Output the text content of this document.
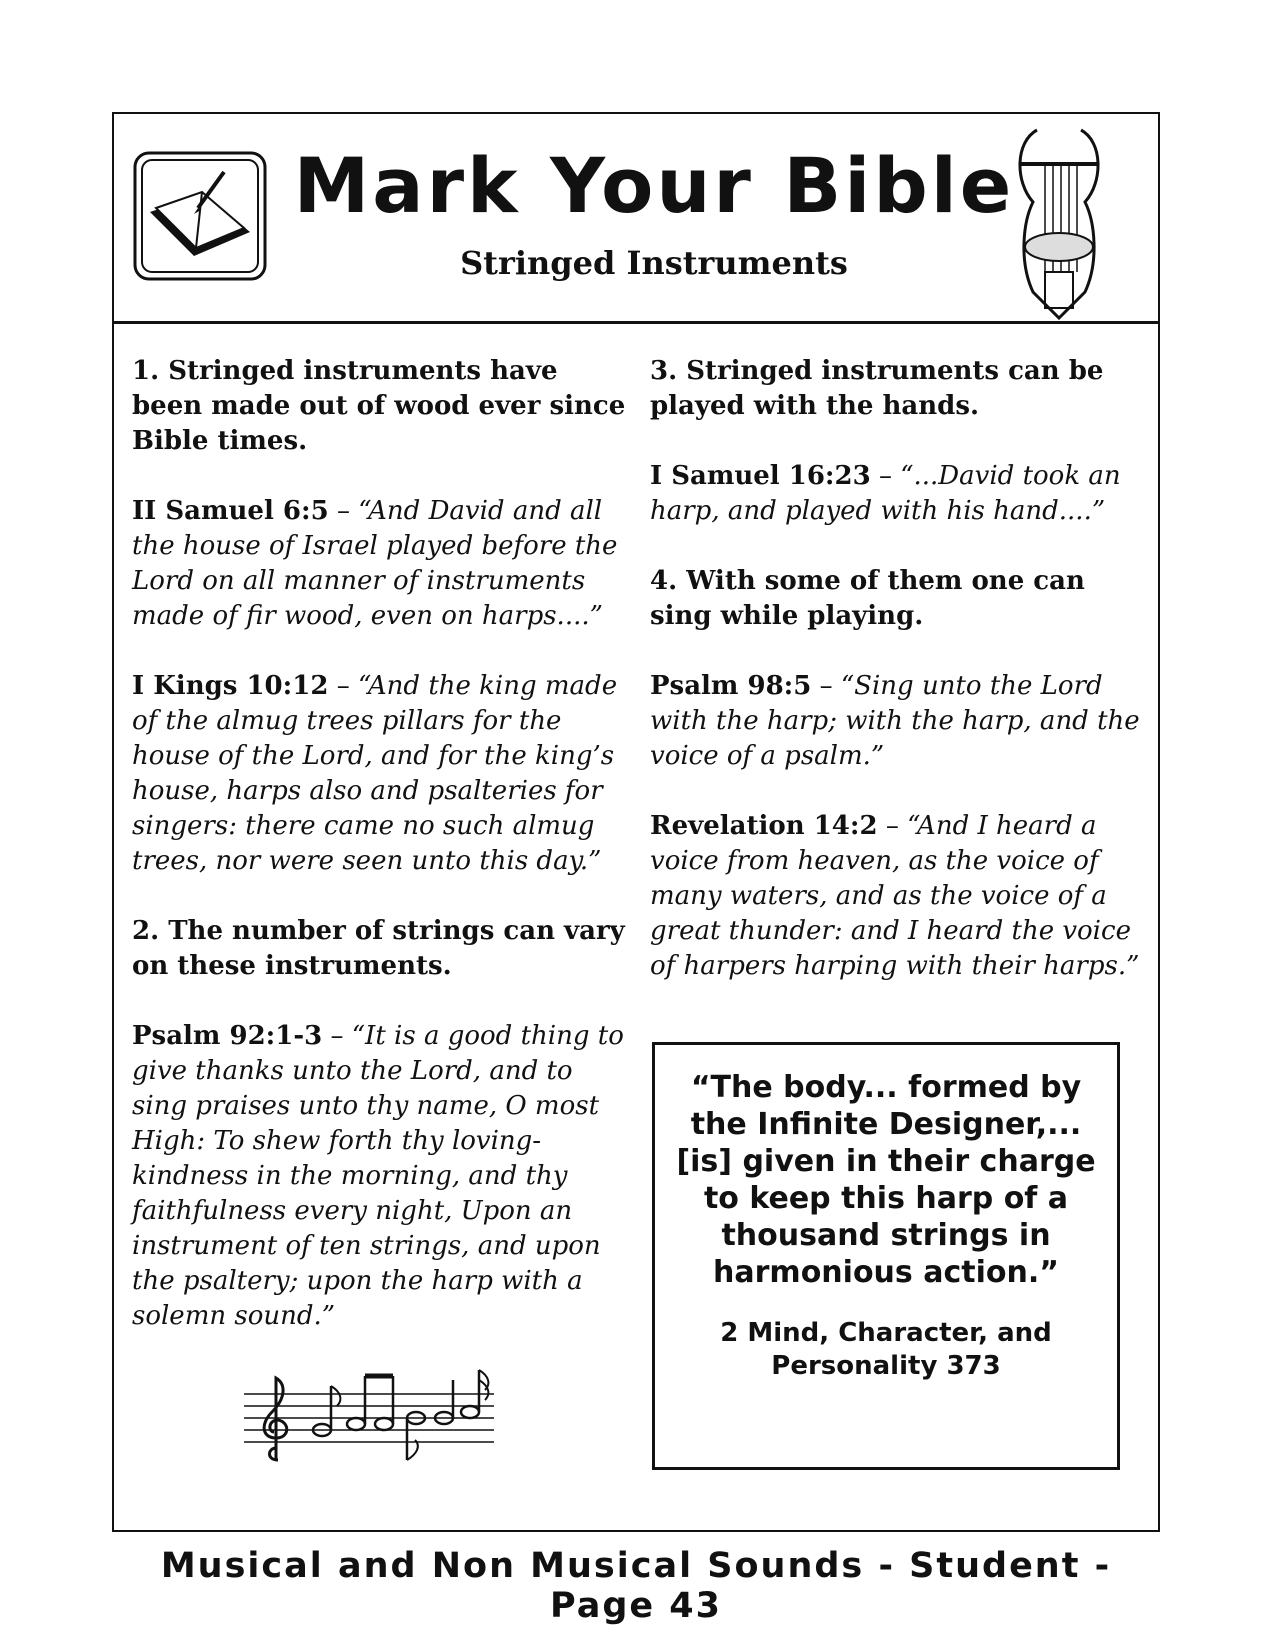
Mark Your Bible
Stringed Instruments
1. Stringed instruments have been made out of wood ever since Bible times.
II Samuel 6:5 – “And David and all the house of Israel played before the Lord on all manner of instruments made of fir wood, even on harps....”
I Kings 10:12 – “And the king made of the almug trees pillars for the house of the Lord, and for the king’s house, harps also and psalteries for singers: there came no such almug trees, nor were seen unto this day.”
2. The number of strings can vary on these instruments.
Psalm 92:1-3 – “It is a good thing to give thanks unto the Lord, and to sing praises unto thy name, O most High: To shew forth thy loving-kindness in the morning, and thy faithfulness every night, Upon an instrument of ten strings, and upon the psaltery; upon the harp with a solemn sound.”
3. Stringed instruments can be played with the hands.
I Samuel 16:23 – “...David took an harp, and played with his hand....”
4. With some of them one can sing while playing.
Psalm 98:5 – “Sing unto the Lord with the harp; with the harp, and the voice of a psalm.”
Revelation 14:2 – “And I heard a voice from heaven, as the voice of many waters, and as the voice of a great thunder: and I heard the voice of harpers harping with their harps.”
“The body... formed by the Infinite Designer,... [is] given in their charge to keep this harp of a thousand strings in harmonious action.”
2 Mind, Character, and Personality 373
Musical and Non Musical Sounds - Student - Page 43
